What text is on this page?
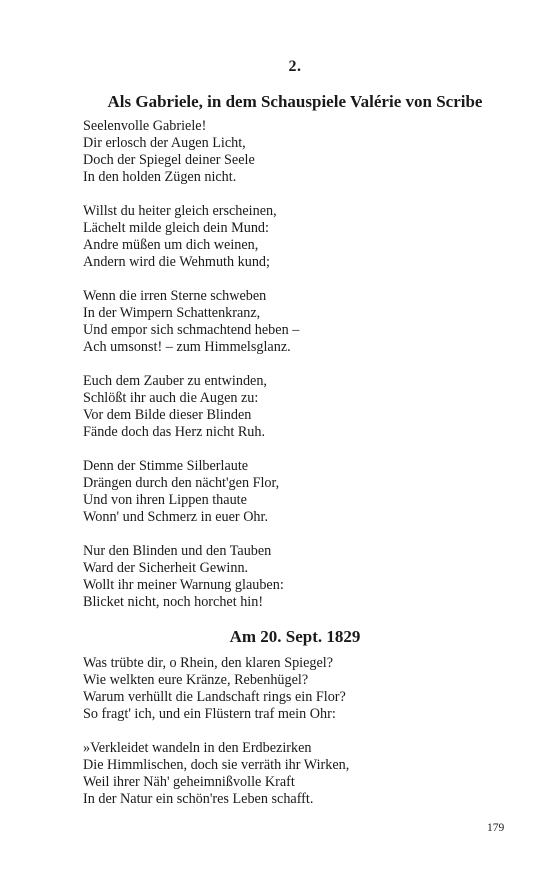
2.
Als Gabriele, in dem Schauspiele Valérie von Scribe
Seelenvolle Gabriele!
Dir erlosch der Augen Licht,
Doch der Spiegel deiner Seele
In den holden Zügen nicht.
Willst du heiter gleich erscheinen,
Lächelt milde gleich dein Mund:
Andre müßen um dich weinen,
Andern wird die Wehmuth kund;
Wenn die irren Sterne schweben
In der Wimpern Schattenkranz,
Und empor sich schmachtend heben –
Ach umsonst! – zum Himmelsglanz.
Euch dem Zauber zu entwinden,
Schlößt ihr auch die Augen zu:
Vor dem Bilde dieser Blinden
Fände doch das Herz nicht Ruh.
Denn der Stimme Silberlaute
Drängen durch den nächt'gen Flor,
Und von ihren Lippen thaute
Wonn' und Schmerz in euer Ohr.
Nur den Blinden und den Tauben
Ward der Sicherheit Gewinn.
Wollt ihr meiner Warnung glauben:
Blicket nicht, noch horchet hin!
Am 20. Sept. 1829
Was trübte dir, o Rhein, den klaren Spiegel?
Wie welkten eure Kränze, Rebenhügel?
Warum verhüllt die Landschaft rings ein Flor?
So fragt' ich, und ein Flüstern traf mein Ohr:
»Verkleidet wandeln in den Erdbezirken
Die Himmlischen, doch sie verräth ihr Wirken,
Weil ihrer Näh' geheimnißvolle Kraft
In der Natur ein schön'res Leben schafft.
179
